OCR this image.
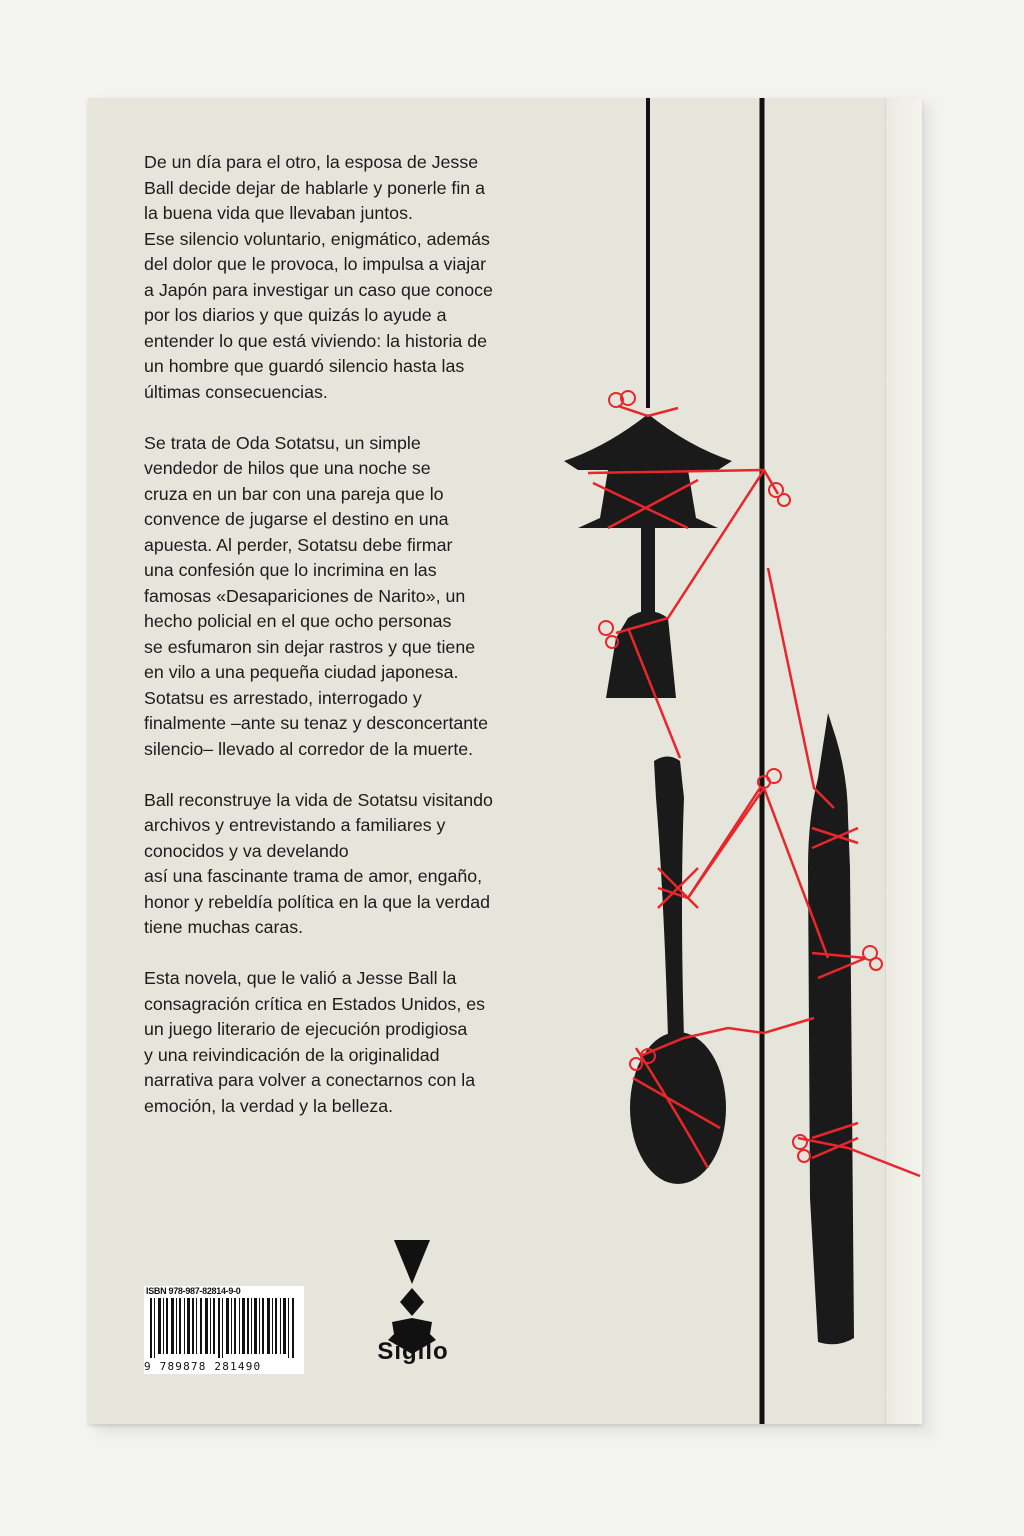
De un día para el otro, la esposa de Jesse
Ball decide dejar de hablarle y ponerle fin a
la buena vida que llevaban juntos.
Ese silencio voluntario, enigmático, además
del dolor que le provoca, lo impulsa a viajar
a Japón para investigar un caso que conoce
por los diarios y que quizás lo ayude a
entender lo que está viviendo: la historia de
un hombre que guardó silencio hasta las
últimas consecuencias.

Se trata de Oda Sotatsu, un simple
vendedor de hilos que una noche se
cruza en un bar con una pareja que lo
convence de jugarse el destino en una
apuesta. Al perder, Sotatsu debe firmar
una confesión que lo incrimina en las
famosas «Desapariciones de Narito», un
hecho policial en el que ocho personas
se esfumaron sin dejar rastros y que tiene
en vilo a una pequeña ciudad japonesa.
Sotatsu es arrestado, interrogado y
finalmente –ante su tenaz y desconcertante
silencio– llevado al corredor de la muerte.

Ball reconstruye la vida de Sotatsu visitando
archivos y entrevistando a familiares y
conocidos y va develando
así una fascinante trama de amor, engaño,
honor y rebeldía política en la que la verdad
tiene muchas caras.

Esta novela, que le valió a Jesse Ball la
consagración crítica en Estados Unidos, es
un juego literario de ejecución prodigiosa
y una reivindicación de la originalidad
narrativa para volver a conectarnos con la
emoción, la verdad y la belleza.

ISBN 978-987-82814-9-0
9 789878 281490
Sigilo
